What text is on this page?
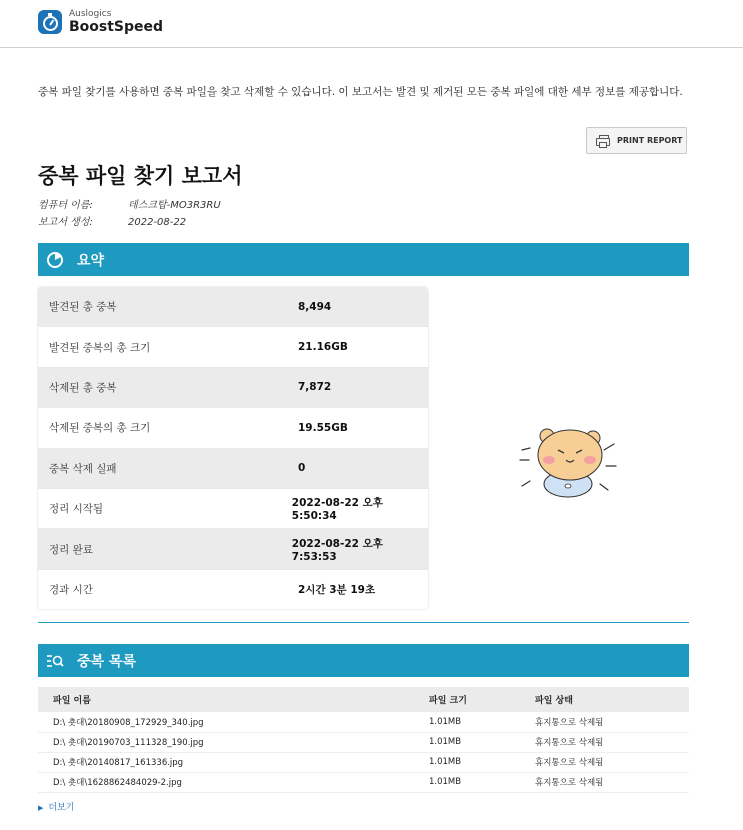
Auslogics
BoostSpeed
중복 파일 찾기를 사용하면 중복 파일을 찾고 삭제할 수 있습니다. 이 보고서는 발견 및 제거된 모든 중복 파일에 대한 세부 정보를 제공합니다.
PRINT REPORT
중복 파일 찾기 보고서
컴퓨터 이름:	데스크탑-MO3R3RU
보고서 생성:	2022-08-22
요약
발견된 총 중복	8,494
발견된 중복의 총 크기	21.16GB
삭제된 총 중복	7,872
삭제된 중복의 총 크기	19.55GB
중복 삭제 실패	0
정리 시작됨	2022-08-22 오후 5:50:34
정리 완료	2022-08-22 오후 7:53:53
경과 시간	2시간 3분 19초
중복 목록
파일 이름	파일 크기	파일 상태
D:\ 춋대\20180908_172929_340.jpg	1.01MB	휴지통으로 삭제됨
D:\ 춋대\20190703_111328_190.jpg	1.01MB	휴지통으로 삭제됨
D:\ 춋대\20140817_161336.jpg	1.01MB	휴지통으로 삭제됨
D:\ 춋대\1628862484029-2.jpg	1.01MB	휴지통으로 삭제됨
▶ 더보기
